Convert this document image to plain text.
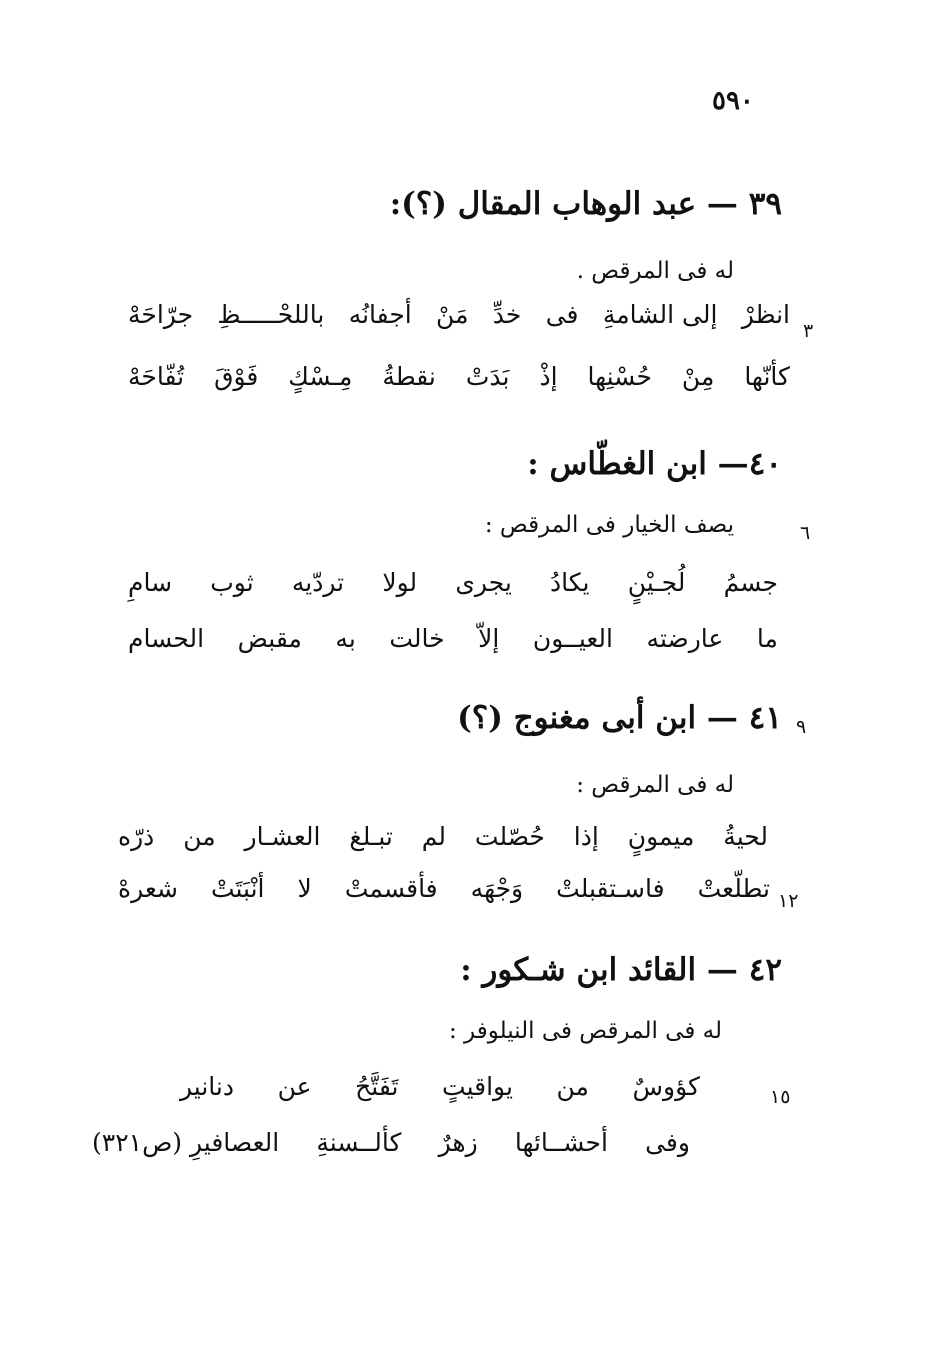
٥٩٠
٣٩ — عبد الوهاب المقال (؟):
له فى المرقص .
٣
انظرْ
إلى الشامةِ
فى
خدِّ
مَنْ
أجفانُه
باللحْـــــظِ
جرّاحَهْ
كأنّها
مِنْ
حُسْنِها
إذْ
بَدَتْ
نقطةُ
مِـسْكٍ
فَوْقَ
تُفّاحَهْ
٤٠— ابن الغطّاس :
٦
يصف الخيار فى المرقص :
جسمُ
لُجـيْنٍ
يكادُ
يجرى
لولا
تردّيه
ثوب
سامِ
ما
عارضته
العيــون
إلاّ
خالت
به
مقبض
الحسام
٩
٤١ — ابن أبى مغنوج (؟)
له فى المرقص :
لحيةُ
ميمونٍ
إذا
حُصّلت
لم
تبـلغ
العشـار
من
ذرّه
١٢
تطلّعتْ
فاسـتقبلتْ
وَجْهَه
فأقسمتْ
لا
أنْبَتَتْ
شعرهْ
٤٢ — القائد ابن شـكور :
له فى المرقص فى النيلوفر :
١٥
كؤوسٌ
من
يواقيتٍ
تَفَتَّحُ
عن
دنانير
وفى
أحشــائها
زهرٌ
كألــسنةِ
العصافيرِ (ص٣٢١)
